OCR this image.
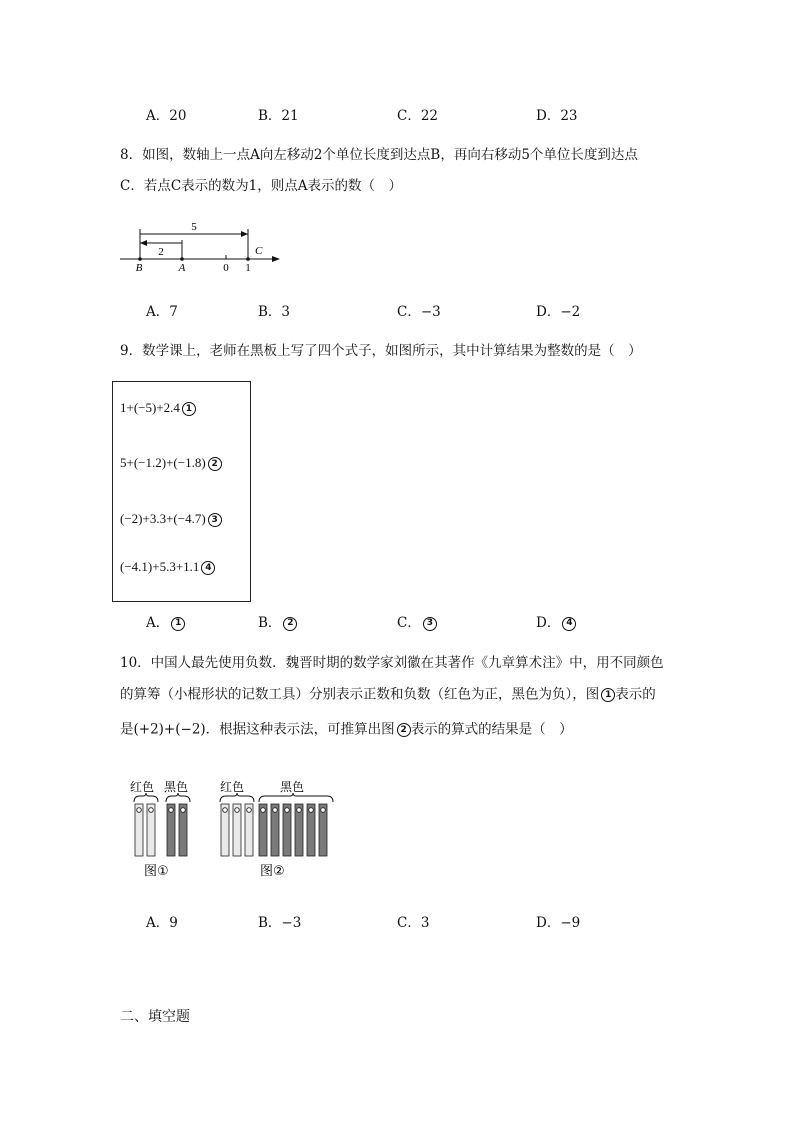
A．20	B．21	C．22	D．23
8．如图，数轴上一点A向左移动2个单位长度到达点B，再向右移动5个单位长度到达点
C．若点C表示的数为1，则点A表示的数（　）
5
2	C
B	A	0 1
A．7	B．3	C．−3	D．−2
9．数学课上，老师在黑板上写了四个式子，如图所示，其中计算结果为整数的是（　）
1+(−5)+2.4 1
5+(−1.2)+(−1.8) 2
(−2)+3.3+(−4.7) 3
(−4.1)+5.3+1.1 4
A． 1	B． 2	C． 3	D． 4
10．中国人最先使用负数．魏晋时期的数学家刘徽在其著作《九章算术注》中，用不同颜色
的算筹（小棍形状的记数工具）分别表示正数和负数（红色为正，黑色为负），图 1 表示的
是(+2)+(−2)．根据这种表示法，可推算出图 2 表示的算式的结果是（　）
红色 黑色
图①
红色	黑色
图②
A．9	B．−3	C．3	D．−9
二、填空题
